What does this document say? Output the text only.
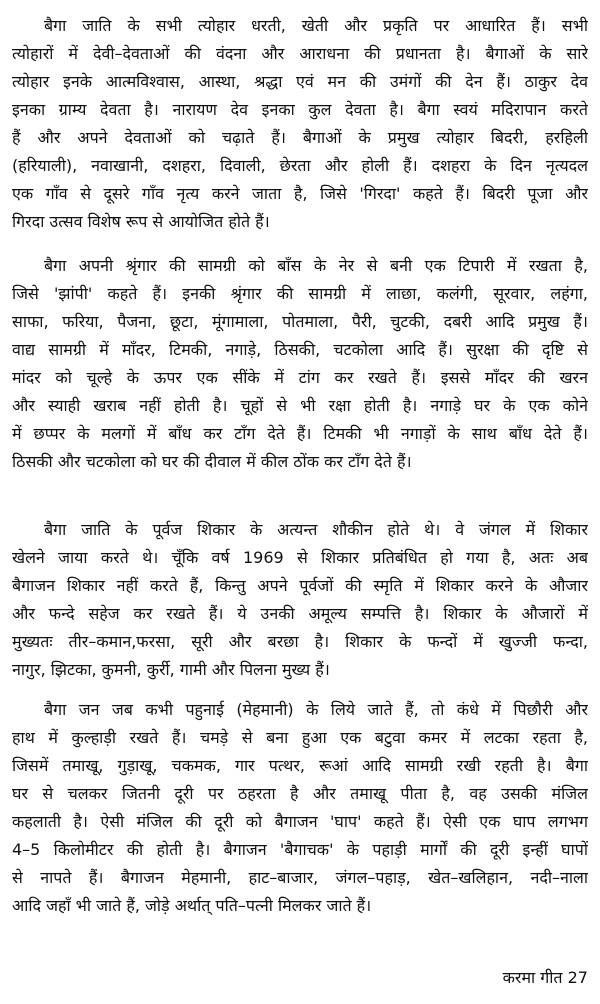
बैगा जाति के सभी त्योहार धरती, खेती और प्रकृति पर आधारित हैं। सभी
त्योहारों में देवी–देवताओं की वंदना और आराधना की प्रधानता है। बैगाओं के सारे
त्योहार इनके आत्मविश्वास, आस्था, श्रद्धा एवं मन की उमंगों की देन हैं। ठाकुर देव
इनका ग्राम्य देवता है। नारायण देव इनका कुल देवता है। बैगा स्वयं मदिरापान करते
हैं और अपने देवताओं को चढ़ाते हैं। बैगाओं के प्रमुख त्योहार बिदरी, हरहिली
(हरियाली), नवाखानी, दशहरा, दिवाली, छेरता और होली हैं। दशहरा के दिन नृत्यदल
एक गाँव से दूसरे गाँव नृत्य करने जाता है, जिसे 'गिरदा' कहते हैं। बिदरी पूजा और
गिरदा उत्सव विशेष रूप से आयोजित होते हैं।
बैगा अपनी श्रृंगार की सामग्री को बाँस के नेर से बनी एक टिपारी में रखता है,
जिसे 'झांपी' कहते हैं। इनकी श्रृंगार की सामग्री में लाछा, कलंगी, सूरवार, लहंगा,
साफा, फरिया, पैजना, छूटा, मूंगामाला, पोतमाला, पैरी, चुटकी, दबरी आदि प्रमुख हैं।
वाद्य सामग्री में माँदर, टिमकी, नगाड़े, ठिसकी, चटकोला आदि हैं। सुरक्षा की दृष्टि से
मांदर को चूल्हे के ऊपर एक सींके में टांग कर रखते हैं। इससे माँदर की खरन
और स्याही खराब नहीं होती है। चूहों से भी रक्षा होती है। नगाड़े घर के एक कोने
में छप्पर के मलगों में बाँध कर टाँग देते हैं। टिमकी भी नगाड़ों के साथ बाँध देते हैं।
ठिसकी और चटकोला को घर की दीवाल में कील ठोंक कर टाँग देते हैं।
बैगा जाति के पूर्वज शिकार के अत्यन्त शौकीन होते थे। वे जंगल में शिकार
खेलने जाया करते थे। चूँकि वर्ष 1969 से शिकार प्रतिबंधित हो गया है, अतः अब
बैगाजन शिकार नहीं करते हैं, किन्तु अपने पूर्वजों की स्मृति में शिकार करने के औजार
और फन्दे सहेज कर रखते हैं। ये उनकी अमूल्य सम्पत्ति है। शिकार के औजारों में
मुख्यतः तीर–कमान,फरसा, सूरी और बरछा है। शिकार के फन्दों में खुज्जी फन्दा,
नागुर, झिटका, कुमनी, कुर्री, गामी और पिलना मुख्य हैं।
बैगा जन जब कभी पहुनाई (मेहमानी) के लिये जाते हैं, तो कंधे में पिछौरी और
हाथ में कुल्हाड़ी रखते हैं। चमड़े से बना हुआ एक बटुवा कमर में लटका रहता है,
जिसमें तमाखू, गुड़ाखू, चकमक, गार पत्थर, रूआं आदि सामग्री रखी रहती है। बैगा
घर से चलकर जितनी दूरी पर ठहरता है और तमाखू पीता है, वह उसकी मंजिल
कहलाती है। ऐसी मंजिल की दूरी को बैगाजन 'घाप' कहते हैं। ऐसी एक घाप लगभग
4–5 किलोमीटर की होती है। बैगाजन 'बैगाचक' के पहाड़ी मार्गों की दूरी इन्हीं घापों
से नापते हैं। बैगाजन मेहमानी, हाट–बाजार, जंगल–पहाड़, खेत–खलिहान, नदी–नाला
आदि जहाँ भी जाते हैं, जोड़े अर्थात् पति–पत्नी मिलकर जाते हैं।
करमा गीत 27
